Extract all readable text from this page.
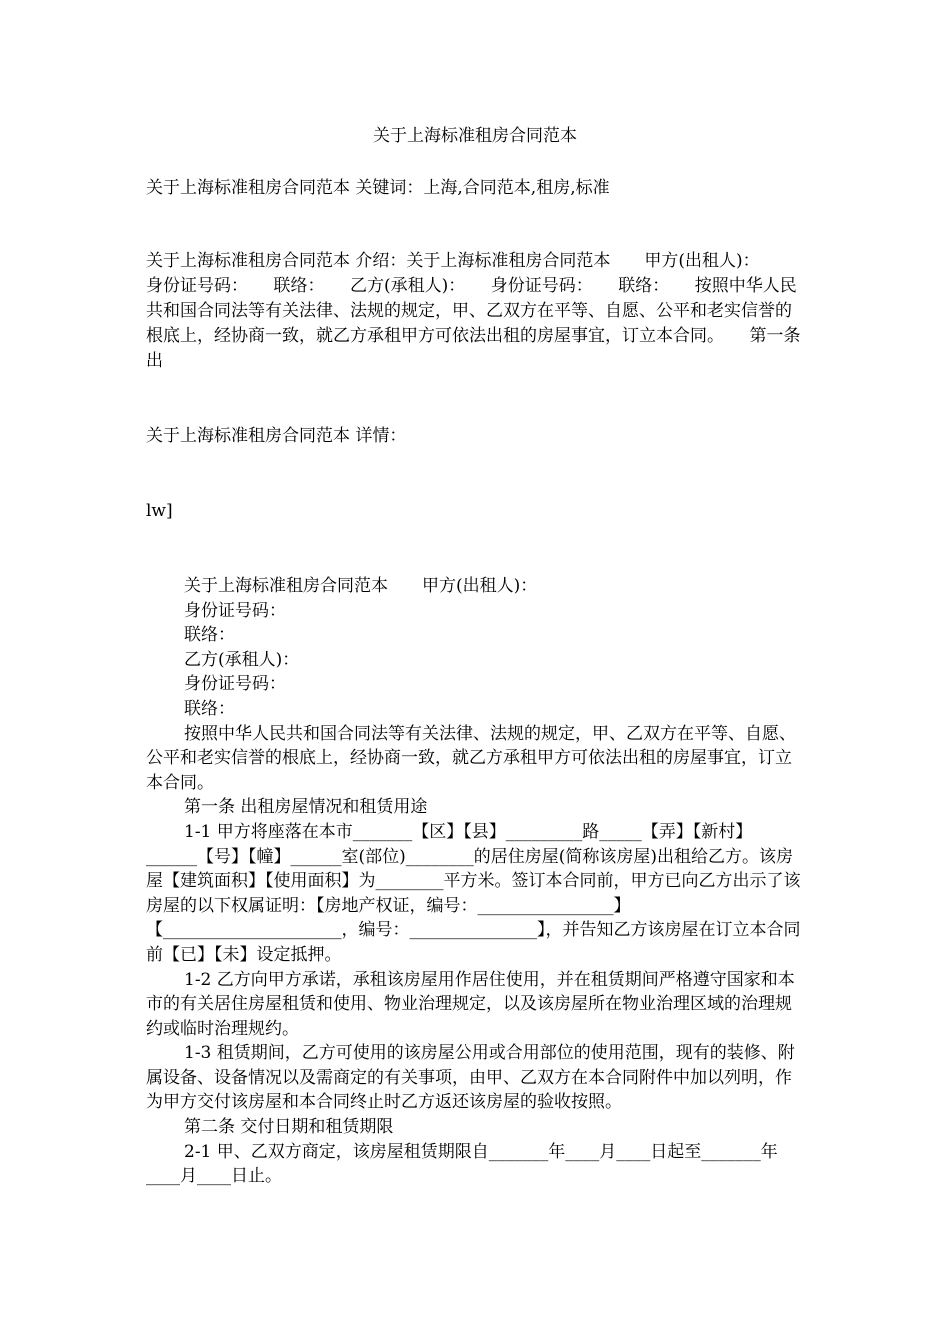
关于上海标准租房合同范本

关于上海标准租房合同范本 关键词：上海,合同范本,租房,标准

关于上海标准租房合同范本 介绍：关于上海标准租房合同范本　　甲方(出租人)：　　身份证号码：　　联络：　　乙方(承租人)：　　身份证号码：　　联络：　　按照中华人民共和国合同法等有关法律、法规的规定，甲、乙双方在平等、自愿、公平和老实信誉的根底上，经协商一致，就乙方承租甲方可依法出租的房屋事宜，订立本合同。　　第一条出

关于上海标准租房合同范本 详情：

lw]

关于上海标准租房合同范本　　甲方(出租人)：

身份证号码：

联络：

乙方(承租人)：

身份证号码：

联络：

按照中华人民共和国合同法等有关法律、法规的规定，甲、乙双方在平等、自愿、公平和老实信誉的根底上，经协商一致，就乙方承租甲方可依法出租的房屋事宜，订立本合同。

第一条 出租房屋情况和租赁用途

1-1 甲方将座落在本市_______【区】【县】_________路_____【弄】【新村】______【号】【幢】______室(部位)________的居住房屋(简称该房屋)出租给乙方。该房屋【建筑面积】【使用面积】为________平方米。签订本合同前，甲方已向乙方出示了该房屋的以下权属证明：【房地产权证，编号：________________】【_____________________，编号：_______________】，并告知乙方该房屋在订立本合同前【已】【未】设定抵押。

1-2 乙方向甲方承诺，承租该房屋用作居住使用，并在租赁期间严格遵守国家和本市的有关居住房屋租赁和使用、物业治理规定，以及该房屋所在物业治理区域的治理规约或临时治理规约。

1-3 租赁期间，乙方可使用的该房屋公用或合用部位的使用范围，现有的装修、附属设备、设备情况以及需商定的有关事项，由甲、乙双方在本合同附件中加以列明，作为甲方交付该房屋和本合同终止时乙方返还该房屋的验收按照。

第二条 交付日期和租赁期限

2-1 甲、乙双方商定，该房屋租赁期限自_______年____月____日起至_______年____月____日止。
